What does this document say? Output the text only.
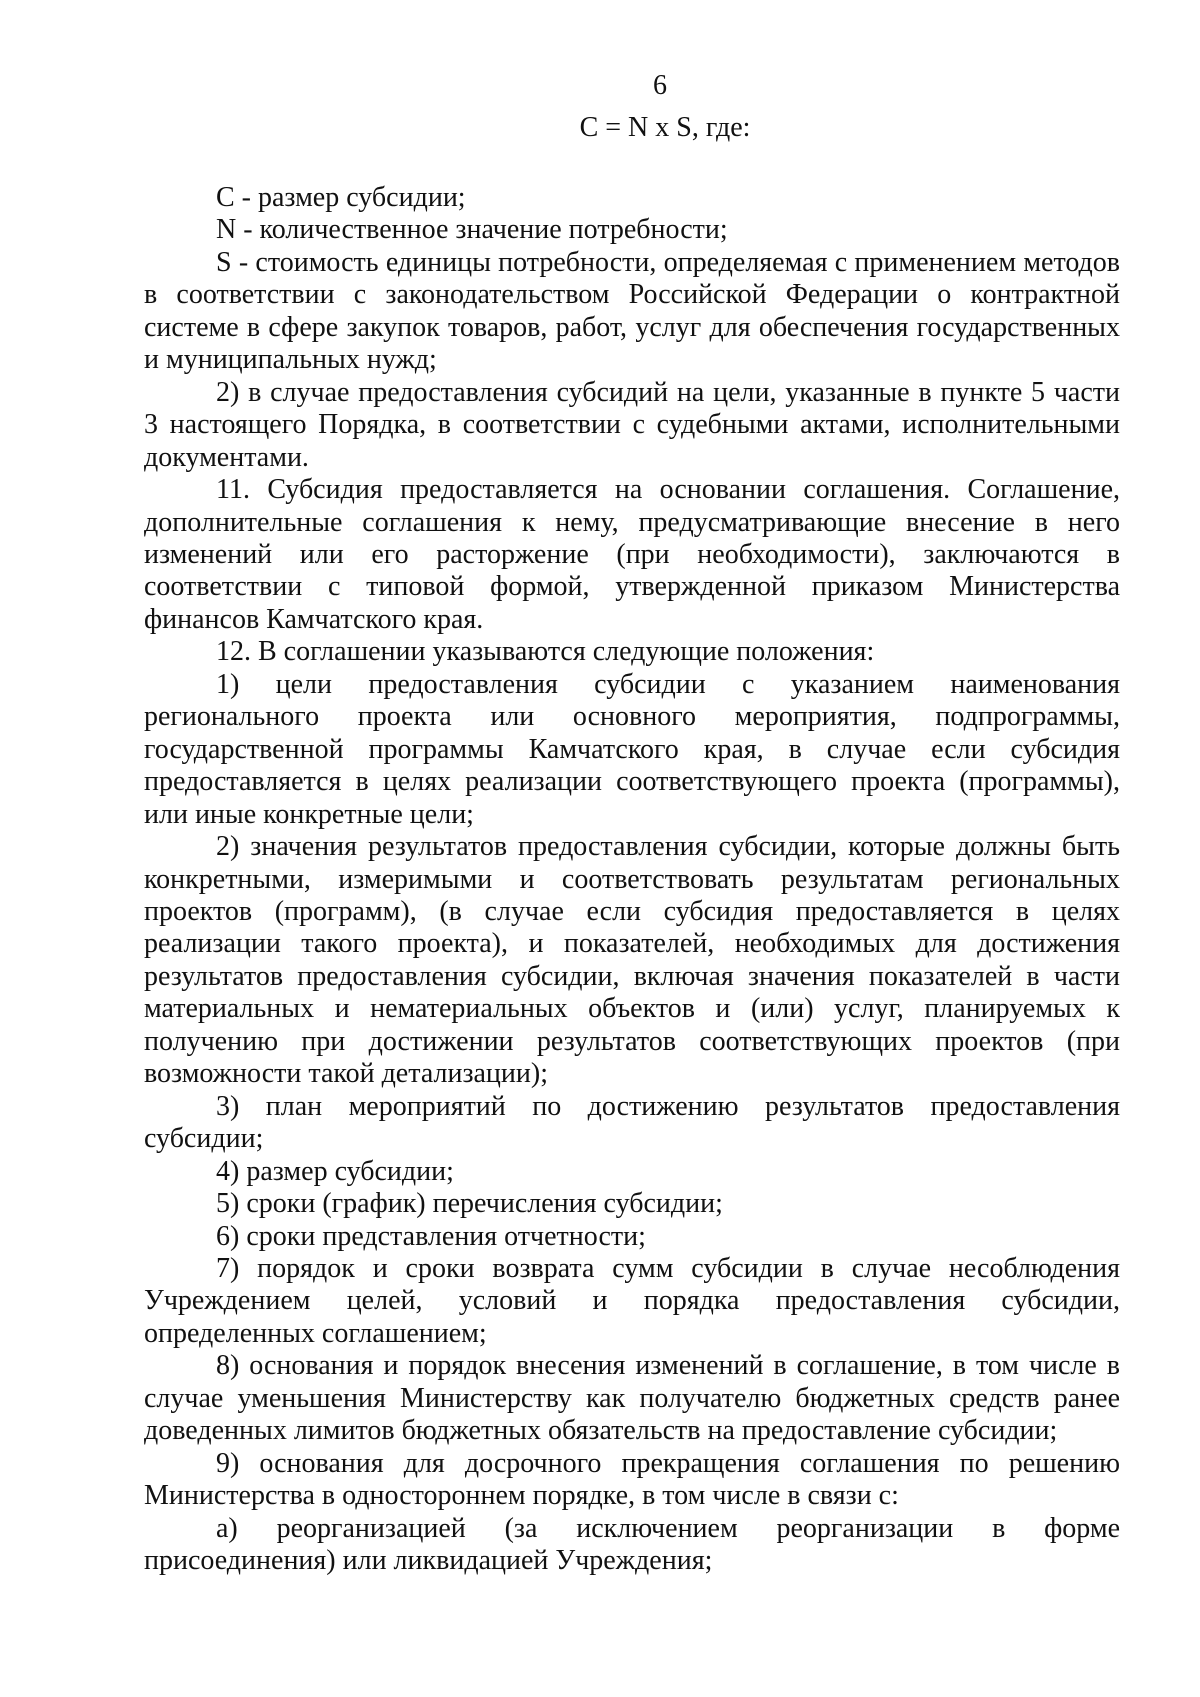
6
C = N x S, где:

C - размер субсидии;

N - количественное значение потребности;

S - стоимость единицы потребности, определяемая с применением методов в соответствии с законодательством Российской Федерации о контрактной системе в сфере закупок товаров, работ, услуг для обеспечения государственных и муниципальных нужд;

2) в случае предоставления субсидий на цели, указанные в пункте 5 части 3 настоящего Порядка, в соответствии с судебными актами, исполнительными документами.

11. Субсидия предоставляется на основании соглашения. Соглашение, дополнительные соглашения к нему, предусматривающие внесение в него изменений или его расторжение (при необходимости), заключаются в соответствии с типовой формой, утвержденной приказом Министерства финансов Камчатского края.

12. В соглашении указываются следующие положения:

1) цели предоставления субсидии с указанием наименования регионального проекта или основного мероприятия, подпрограммы, государственной программы Камчатского края, в случае если субсидия предоставляется в целях реализации соответствующего проекта (программы), или иные конкретные цели;

2) значения результатов предоставления субсидии, которые должны быть конкретными, измеримыми и соответствовать результатам региональных проектов (программ), (в случае если субсидия предоставляется в целях реализации такого проекта), и показателей, необходимых для достижения результатов предоставления субсидии, включая значения показателей в части материальных и нематериальных объектов и (или) услуг, планируемых к получению при достижении результатов соответствующих проектов (при возможности такой детализации);

3) план мероприятий по достижению результатов предоставления субсидии;

4) размер субсидии;

5) сроки (график) перечисления субсидии;

6) сроки представления отчетности;

7) порядок и сроки возврата сумм субсидии в случае несоблюдения Учреждением целей, условий и порядка предоставления субсидии, определенных соглашением;

8) основания и порядок внесения изменений в соглашение, в том числе в случае уменьшения Министерству как получателю бюджетных средств ранее доведенных лимитов бюджетных обязательств на предоставление субсидии;

9) основания для досрочного прекращения соглашения по решению Министерства в одностороннем порядке, в том числе в связи с:

а) реорганизацией (за исключением реорганизации в форме присоединения) или ликвидацией Учреждения;
